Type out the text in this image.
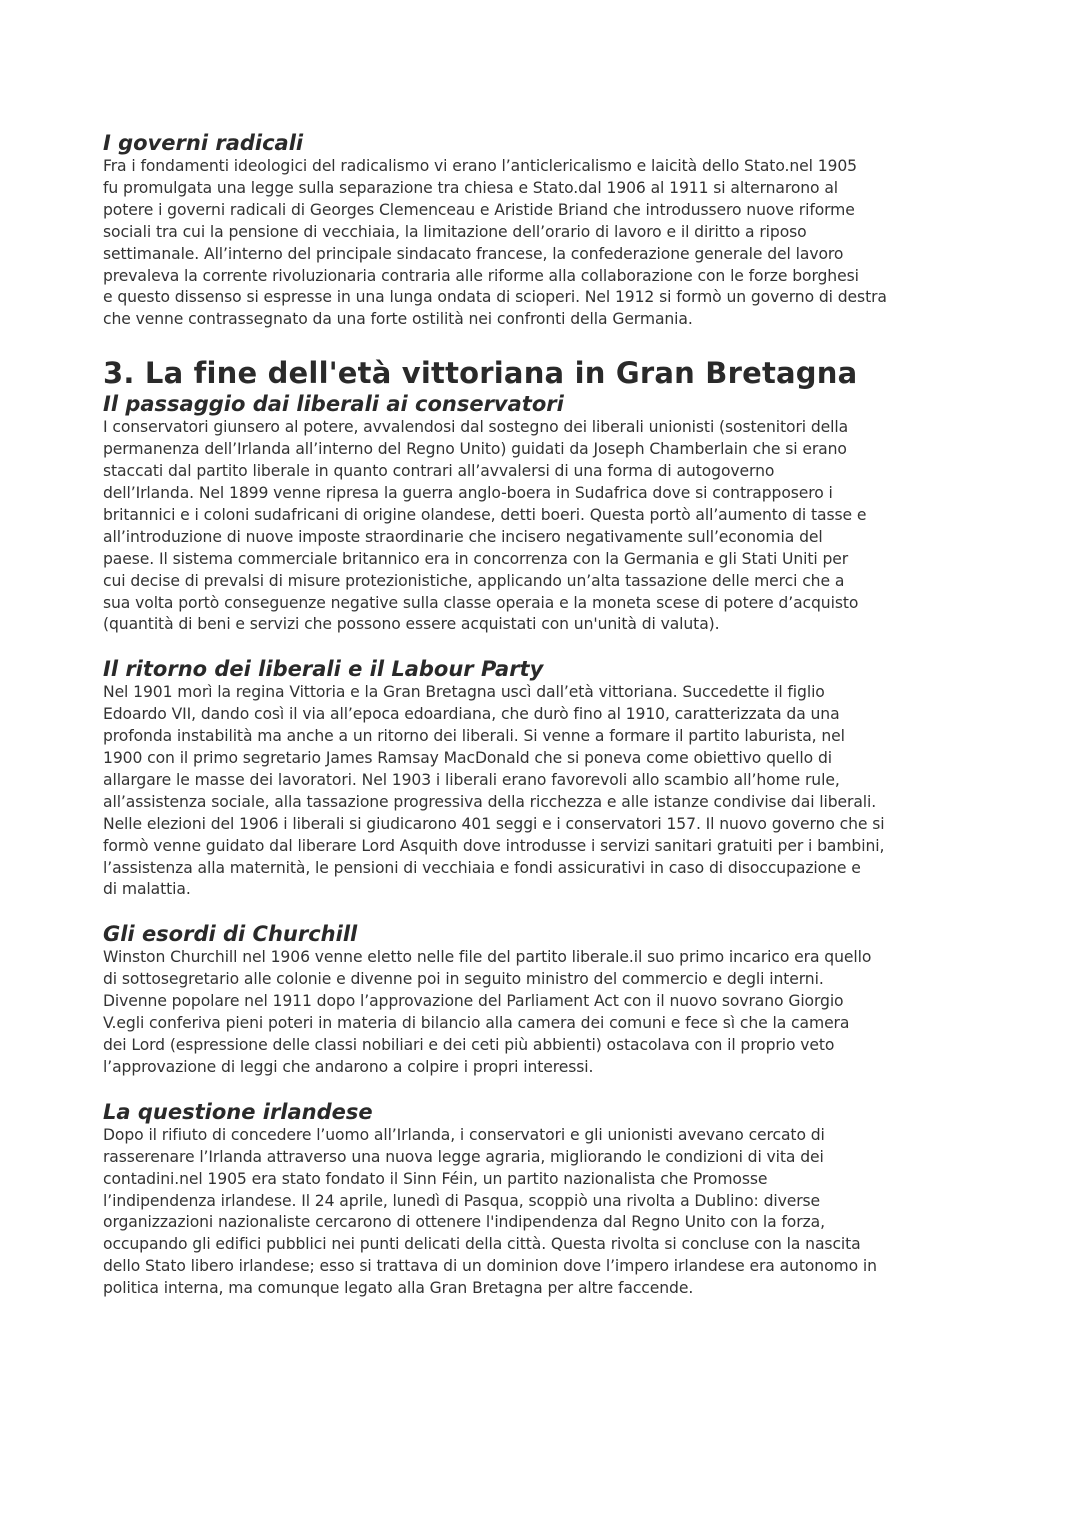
I governi radicali
Fra i fondamenti ideologici del radicalismo vi erano l’anticlericalismo e laicità dello Stato.nel 1905
fu promulgata una legge sulla separazione tra chiesa e Stato.dal 1906 al 1911 si alternarono al
potere i governi radicali di Georges Clemenceau e Aristide Briand che introdussero nuove riforme
sociali tra cui la pensione di vecchiaia, la limitazione dell’orario di lavoro e il diritto a riposo
settimanale. All’interno del principale sindacato francese, la confederazione generale del lavoro
prevaleva la corrente rivoluzionaria contraria alle riforme alla collaborazione con le forze borghesi
e questo dissenso si espresse in una lunga ondata di scioperi. Nel 1912 si formò un governo di destra
che venne contrassegnato da una forte ostilità nei confronti della Germania.
3. La fine dell'età vittoriana in Gran Bretagna
Il passaggio dai liberali ai conservatori
I conservatori giunsero al potere, avvalendosi dal sostegno dei liberali unionisti (sostenitori della
permanenza dell’Irlanda all’interno del Regno Unito) guidati da Joseph Chamberlain che si erano
staccati dal partito liberale in quanto contrari all’avvalersi di una forma di autogoverno
dell’Irlanda. Nel 1899 venne ripresa la guerra anglo-boera in Sudafrica dove si contrapposero i
britannici e i coloni sudafricani di origine olandese, detti boeri. Questa portò all’aumento di tasse e
all’introduzione di nuove imposte straordinarie che incisero negativamente sull’economia del
paese. Il sistema commerciale britannico era in concorrenza con la Germania e gli Stati Uniti per
cui decise di prevalsi di misure protezionistiche, applicando un’alta tassazione delle merci che a
sua volta portò conseguenze negative sulla classe operaia e la moneta scese di potere d’acquisto
(quantità di beni e servizi che possono essere acquistati con un'unità di valuta).
Il ritorno dei liberali e il Labour Party
Nel 1901 morì la regina Vittoria e la Gran Bretagna uscì dall’età vittoriana. Succedette il figlio
Edoardo VII, dando così il via all’epoca edoardiana, che durò fino al 1910, caratterizzata da una
profonda instabilità ma anche a un ritorno dei liberali. Si venne a formare il partito laburista, nel
1900 con il primo segretario James Ramsay MacDonald che si poneva come obiettivo quello di
allargare le masse dei lavoratori. Nel 1903 i liberali erano favorevoli allo scambio all’home rule,
all’assistenza sociale, alla tassazione progressiva della ricchezza e alle istanze condivise dai liberali.
Nelle elezioni del 1906 i liberali si giudicarono 401 seggi e i conservatori 157. Il nuovo governo che si
formò venne guidato dal liberare Lord Asquith dove introdusse i servizi sanitari gratuiti per i bambini,
l’assistenza alla maternità, le pensioni di vecchiaia e fondi assicurativi in caso di disoccupazione e
di malattia.
Gli esordi di Churchill
Winston Churchill nel 1906 venne eletto nelle file del partito liberale.il suo primo incarico era quello
di sottosegretario alle colonie e divenne poi in seguito ministro del commercio e degli interni.
Divenne popolare nel 1911 dopo l’approvazione del Parliament Act con il nuovo sovrano Giorgio
V.egli conferiva pieni poteri in materia di bilancio alla camera dei comuni e fece sì che la camera
dei Lord (espressione delle classi nobiliari e dei ceti più abbienti) ostacolava con il proprio veto
l’approvazione di leggi che andarono a colpire i propri interessi.
La questione irlandese
Dopo il rifiuto di concedere l’uomo all’Irlanda, i conservatori e gli unionisti avevano cercato di
rasserenare l’Irlanda attraverso una nuova legge agraria, migliorando le condizioni di vita dei
contadini.nel 1905 era stato fondato il Sinn Féin, un partito nazionalista che Promosse
l’indipendenza irlandese. Il 24 aprile, lunedì di Pasqua, scoppiò una rivolta a Dublino: diverse
organizzazioni nazionaliste cercarono di ottenere l'indipendenza dal Regno Unito con la forza,
occupando gli edifici pubblici nei punti delicati della città. Questa rivolta si concluse con la nascita
dello Stato libero irlandese; esso si trattava di un dominion dove l’impero irlandese era autonomo in
politica interna, ma comunque legato alla Gran Bretagna per altre faccende.
